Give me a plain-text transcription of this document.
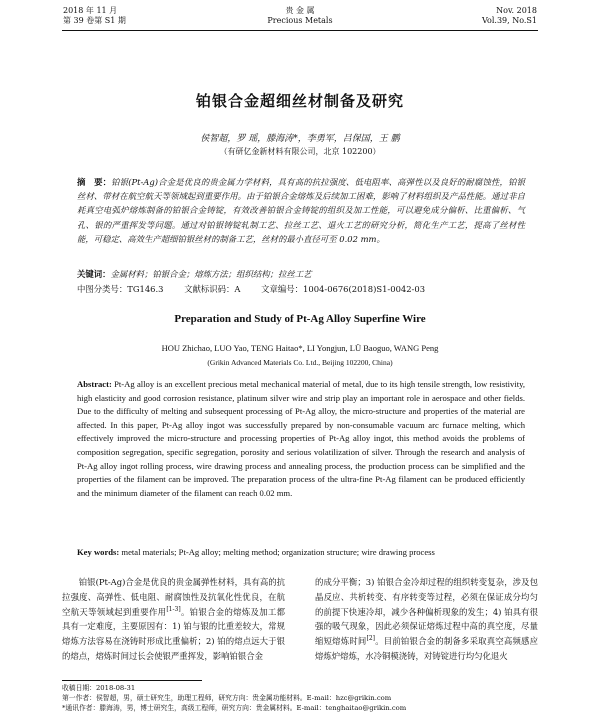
2018 年 11 月
第 39 卷第 S1 期
贵 金 属
Precious Metals
Nov. 2018
Vol.39, No.S1
铂银合金超细丝材制备及研究
侯智超，罗 瑶，滕海涛*，李勇军，吕保国，王 鹏
（有研亿金新材料有限公司，北京 102200）
摘　要：铂银(Pt-Ag)合金是优良的贵金属力学材料，具有高的抗拉强度、低电阻率、高弹性以及良好的耐腐蚀性，铂银丝材、带材在航空航天等领域起到重要作用。由于铂银合金熔炼及后续加工困难，影响了材料组织及产品性能。通过非自耗真空电弧炉熔炼制备的铂银合金铸锭，有效改善铂银合金铸锭的组织及加工性能，可以避免成分偏析、比重偏析、气孔、银的严重挥发等问题。通过对铂银铸锭轧制工艺、拉丝工艺、退火工艺的研究分析，简化生产工艺，提高了丝材性能，可稳定、高效生产超细铂银丝材的制备工艺，丝材的最小直径可至 0.02 mm。
关键词：金属材料；铂银合金；熔炼方法；组织结构；拉丝工艺
中图分类号：TG146.3 文献标识码：A 文章编号：1004-0676(2018)S1-0042-03
Preparation and Study of Pt-Ag Alloy Superfine Wire
HOU Zhichao, LUO Yao, TENG Haitao*, LI Yongjun, LÜ Baoguo, WANG Peng
(Grikin Advanced Materials Co. Ltd., Beijing 102200, China)
Abstract: Pt-Ag alloy is an excellent precious metal mechanical material of metal, due to its high tensile strength, low resistivity, high elasticity and good corrosion resistance, platinum silver wire and strip play an important role in aerospace and other fields. Due to the difficulty of melting and subsequent processing of Pt-Ag alloy, the micro-structure and properties of the material are affected. In this paper, Pt-Ag alloy ingot was successfully prepared by non-consumable vacuum arc furnace melting, which effectively improved the micro-structure and processing properties of Pt-Ag alloy ingot, this method avoids the problems of composition segregation, specific segregation, porosity and serious volatilization of silver. Through the research and analysis of Pt-Ag alloy ingot rolling process, wire drawing process and annealing process, the production process can be simplified and the properties of the filament can be improved. The preparation process of the ultra-fine Pt-Ag filament can be produced efficiently and the minimum diameter of the filament can reach 0.02 mm.
Key words: metal materials; Pt-Ag alloy; melting method; organization structure; wire drawing process
  铂银(Pt-Ag)合金是优良的贵金属弹性材料，具有高的抗拉强度、高弹性、低电阻、耐腐蚀性及抗氧化性优良，在航空航天等领域起到重要作用[1-3]。铂银合金的熔炼及加工都具有一定难度，主要原因有：1) 铂与银的比重差较大，常规熔炼方法容易在浇铸时形成比重偏析；2) 铂的熔点远大于银的熔点，熔炼时间过长会使银严重挥发，影响铂银合金
的成分平衡；3) 铂银合金冷却过程的组织转变复杂，涉及包晶反应、共析转变、有序转变等过程，必须在保证成分均匀的前提下快速冷却，减少各种偏析现象的发生；4) 铂具有很强的吸气现象，因此必须保证熔炼过程中高的真空度，尽量缩短熔炼时间[2]。目前铂银合金的制备多采取真空高频感应熔炼炉熔炼，水冷铜模浇铸，对铸锭进行均匀化退火
收稿日期：2018-08-31
第一作者：侯智超，男，硕士研究生，助理工程师，研究方向：贵金属功能材料。E-mail：hzc@grikin.com
*通讯作者：滕海涛，男，博士研究生，高级工程师，研究方向：贵金属材料。E-mail：tenghaitao@grikin.com
